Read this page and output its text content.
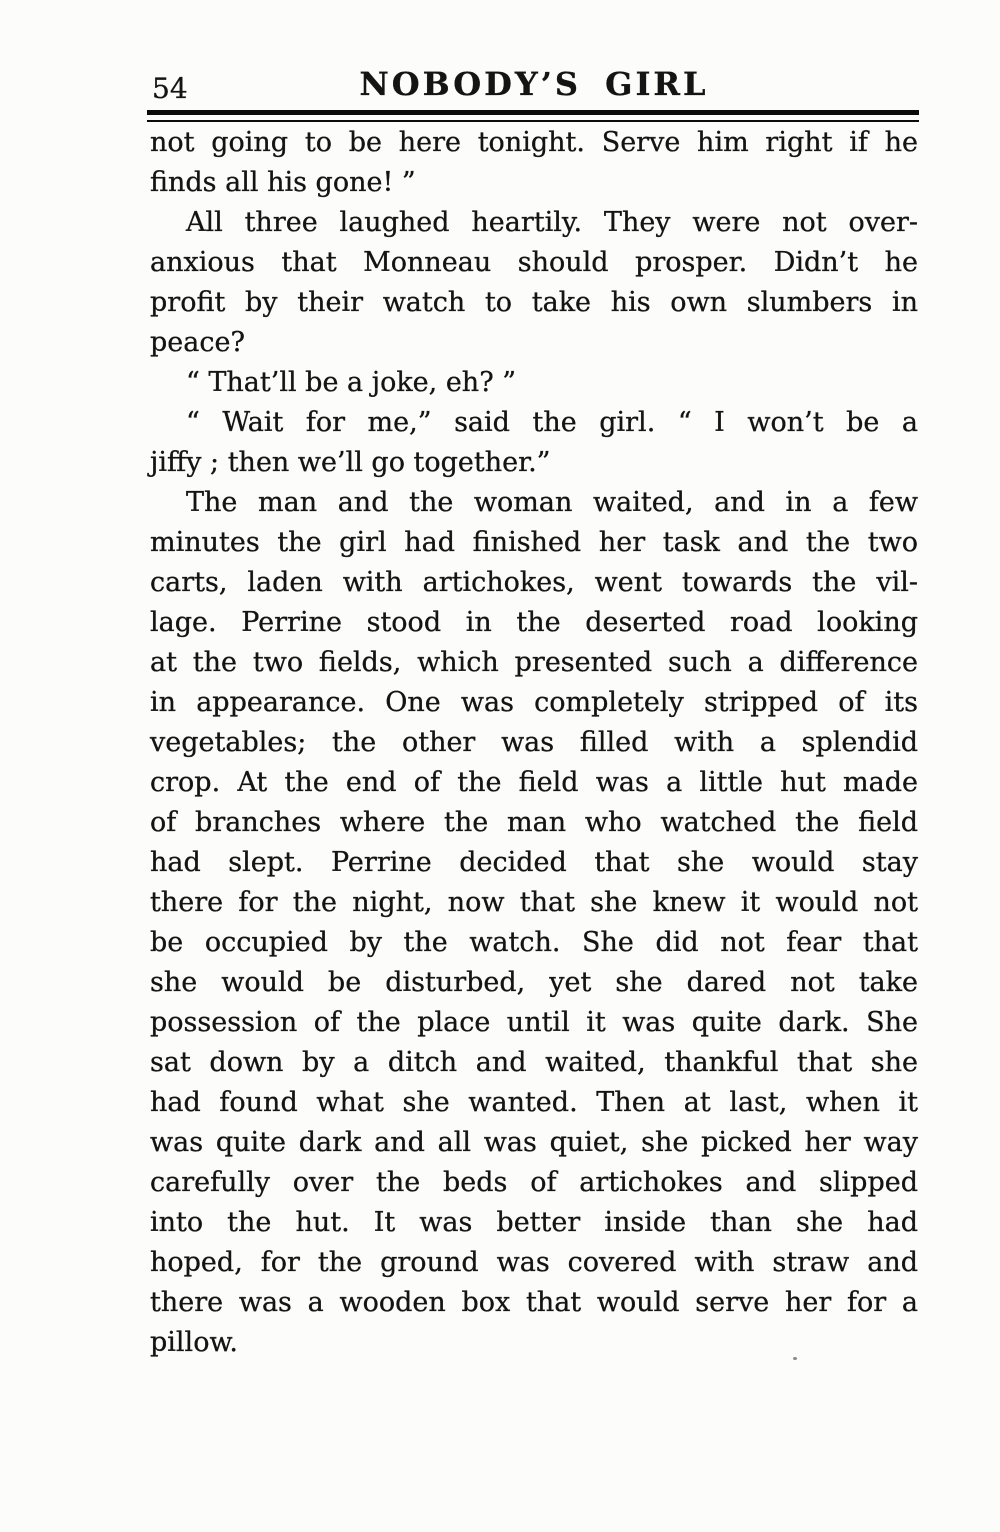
54	NOBODY’S GIRL
not going to be here tonight. Serve him right if he
finds all his gone! ”
All three laughed heartily. They were not over-
anxious that Monneau should prosper. Didn’t he
profit by their watch to take his own slumbers in
peace?
“ That’ll be a joke, eh? ”
“ Wait for me,” said the girl. “ I won’t be a
jiffy ; then we’ll go together.”
The man and the woman waited, and in a few
minutes the girl had finished her task and the two
carts, laden with artichokes, went towards the vil-
lage. Perrine stood in the deserted road looking
at the two fields, which presented such a difference
in appearance. One was completely stripped of its
vegetables; the other was filled with a splendid
crop. At the end of the field was a little hut made
of branches where the man who watched the field
had slept. Perrine decided that she would stay
there for the night, now that she knew it would not
be occupied by the watch. She did not fear that
she would be disturbed, yet she dared not take
possession of the place until it was quite dark. She
sat down by a ditch and waited, thankful that she
had found what she wanted. Then at last, when it
was quite dark and all was quiet, she picked her way
carefully over the beds of artichokes and slipped
into the hut. It was better inside than she had
hoped, for the ground was covered with straw and
there was a wooden box that would serve her for a
pillow.
